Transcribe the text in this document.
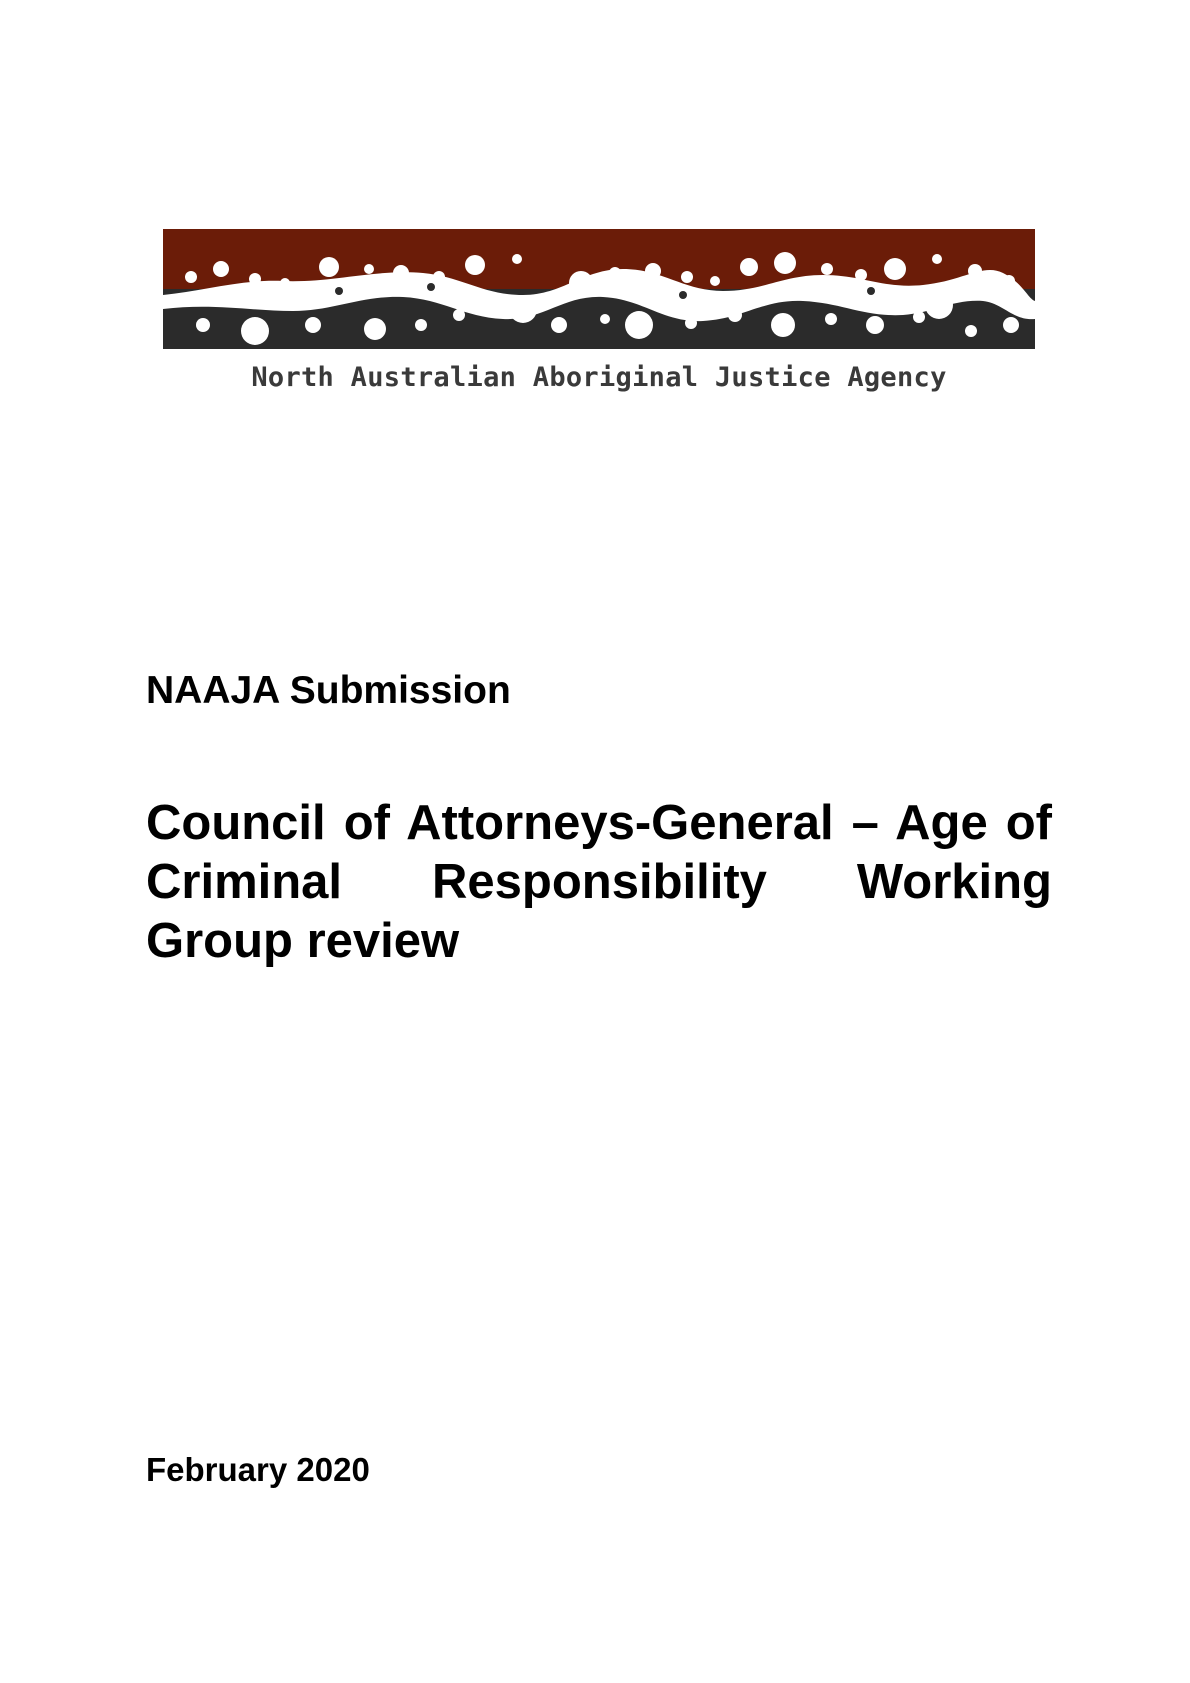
North Australian Aboriginal Justice Agency
NAAJA Submission
Council of Attorneys-General – Age of Criminal Responsibility Working Group review
February 2020
